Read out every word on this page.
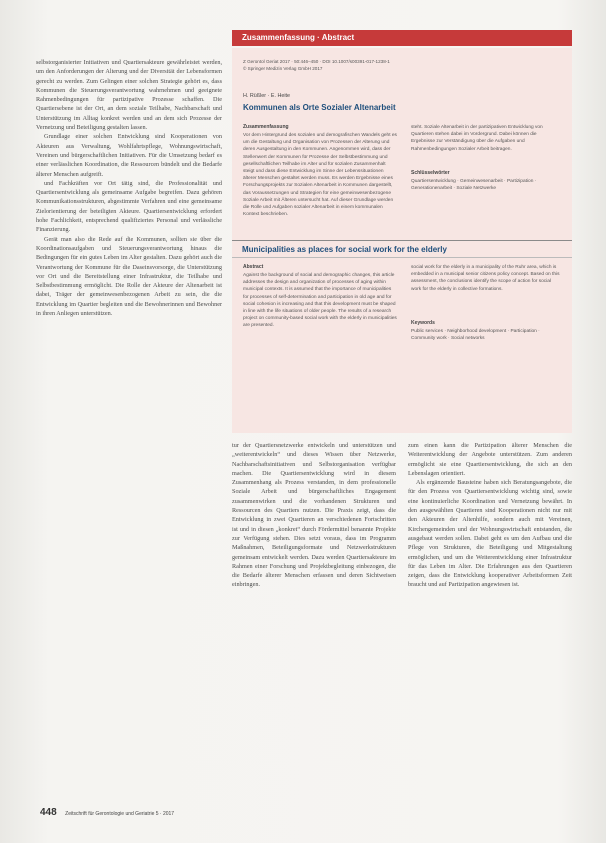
selbstorganisierter Initiativen und Quartiersakteure gewährleistet werden, um den Anforderungen der Alterung und der Diversität der Lebensformen gerecht zu werden. Zum Gelingen einer solchen Strategie gehört es, dass Kommunen die Steuerungsverantwortung wahrnehmen und geeignete Rahmenbedingungen für partizipative Prozesse schaffen. Die Quartiersebene ist der Ort, an dem soziale Teilhabe, Nachbarschaft und Unterstützung im Alltag konkret werden und an dem sich Prozesse der Vernetzung und Beteiligung gestalten lassen.

Grundlage einer solchen Entwicklung sind Kooperationen von Akteuren aus Verwaltung, Wohlfahrtspflege, Wohnungswirtschaft, Vereinen und bürgerschaftlichen Initiativen. Für die Umsetzung bedarf es einer verlässlichen Koordination, die Ressourcen bündelt und die Bedarfe älterer Menschen aufgreift.

und Fachkräften vor Ort tätig sind, die Professionalität und Quartiersentwicklung als gemeinsame Aufgabe begreifen. Dazu gehören Kommunikationsstrukturen, abgestimmte Verfahren und eine gemeinsame Zielorientierung der beteiligten Akteure. Quartiersentwicklung erfordert hohe Fachlichkeit, entsprechend qualifiziertes Personal und verlässliche Finanzierung.

Gerät man also die Rede auf die Kommunen, sollten sie über die Koordinationsaufgaben und Steuerungsverantwortung hinaus die Bedingungen für ein gutes Leben im Alter gestalten. Dazu gehört auch die Verantwortung der Kommune für die Daseinsvorsorge, die Unterstützung vor Ort und die Bereitstellung einer Infrastruktur, die Teilhabe und Selbstbestimmung ermöglicht. Die Rolle der Akteure der Altenarbeit ist dabei, Träger der gemeinwesenbezogenen Arbeit zu sein, die die Entwicklung im Quartier begleiten und die Bewohnerinnen und Bewohner in ihren Anliegen unterstützen.

Zusammenfassung · Abstract
Z Gerontol Geriat 2017 · 50:446–450 · DOI 10.1007/s00391-017-1238-1
© Springer Medizin Verlag GmbH 2017
H. Rüßler · E. Heite
Kommunen als Orte Sozialer Altenarbeit
Zusammenfassung
Vor dem Hintergrund des sozialen und demografischen Wandels geht es um die Gestaltung und Organisation von Prozessen der Alterung und deren Ausgestaltung in den Kommunen. Angenommen wird, dass der Stellenwert der Kommunen für Prozesse der Selbstbestimmung und gesellschaftlichen Teilhabe im Alter und für sozialen Zusammenhalt steigt und dass diese Entwicklung im Sinne der Lebenssituationen älterer Menschen gestaltet werden muss. Es werden Ergebnisse eines Forschungsprojekts zur Sozialen Altenarbeit in Kommunen dargestellt, das Voraussetzungen und Strategien für eine gemeinwesenbezogene Soziale Arbeit mit Älteren untersucht hat. Auf dieser Grundlage werden die Rolle und Aufgaben sozialer Altenarbeit in einem kommunalen Kontext beschrieben.
steht. Soziale Altenarbeit in der partizipativen Entwicklung von Quartieren stehen dabei im Vordergrund. Dabei können die Ergebnisse zur Verständigung über die Aufgaben und Rahmenbedingungen Sozialer Arbeit beitragen.
Schlüsselwörter
Quartiersentwicklung · Gemeinwesenarbeit · Partizipation · Generationenarbeit · Soziale Netzwerke
Municipalities as places for social work for the elderly
Abstract
Against the background of social and demographic changes, this article addresses the design and organization of processes of aging within municipal contexts. It is assumed that the importance of municipalities for processes of self-determination and participation in old age and for social cohesion is increasing and that this development must be shaped in line with the life situations of older people. The results of a research project on community-based social work with the elderly in municipalities are presented.
social work for the elderly in a municipality of the Ruhr area, which is embedded in a municipal senior citizens policy concept. Based on this assessment, the conclusions identify the scope of action for social work for the elderly in collective formations.
Keywords
Public services · Neighborhood development · Participation · Community work · Social networks

tur der Quartiersnetzwerke entwickeln und unterstützen und „weiterentwickeln“ und dieses Wissen über Netzwerke, Nachbarschaftsinitiativen und Selbstorganisation verfügbar machen. Die Quartiersentwicklung wird in diesem Zusammenhang als Prozess verstanden, in dem professionelle Soziale Arbeit und bürgerschaftliches Engagement zusammenwirken und die vorhandenen Strukturen und Ressourcen des Quartiers nutzen. Die Praxis zeigt, dass die Entwicklung in zwei Quartieren an verschiedenen Fortschritten ist und in diesen „konkret“ durch Fördermittel benannte Projekte zur Verfügung stehen. Dies setzt voraus, dass im Programm Maßnahmen, Beteiligungsformate und Netzwerkstrukturen gemeinsam entwickelt werden. Dazu werden Quartiersakteure im Rahmen einer Forschung und Projektbegleitung einbezogen, die die Bedarfe älterer Menschen erfassen und deren Sichtweisen einbringen.

zum einen kann die Partizipation älterer Menschen die Weiterentwicklung der Angebote unterstützen. Zum anderen ermöglicht sie eine Quartiersentwicklung, die sich an den Lebenslagen orientiert.

Als ergänzende Bausteine haben sich Beratungsangebote, die für den Prozess von Quartiersentwicklung wichtig sind, sowie eine kontinuierliche Koordination und Vernetzung bewährt. In den ausgewählten Quartieren sind Kooperationen nicht nur mit den Akteuren der Altenhilfe, sondern auch mit Vereinen, Kirchengemeinden und der Wohnungswirtschaft entstanden, die ausgebaut werden sollen. Dabei geht es um den Aufbau und die Pflege von Strukturen, die Beteiligung und Mitgestaltung ermöglichen, und um die Weiterentwicklung einer Infrastruktur für das Leben im Alter. Die Erfahrungen aus den Quartieren zeigen, dass die Entwicklung kooperativer Arbeitsformen Zeit braucht und auf Partizipation angewiesen ist.

448 Zeitschrift für Gerontologie und Geriatrie 5 · 2017
